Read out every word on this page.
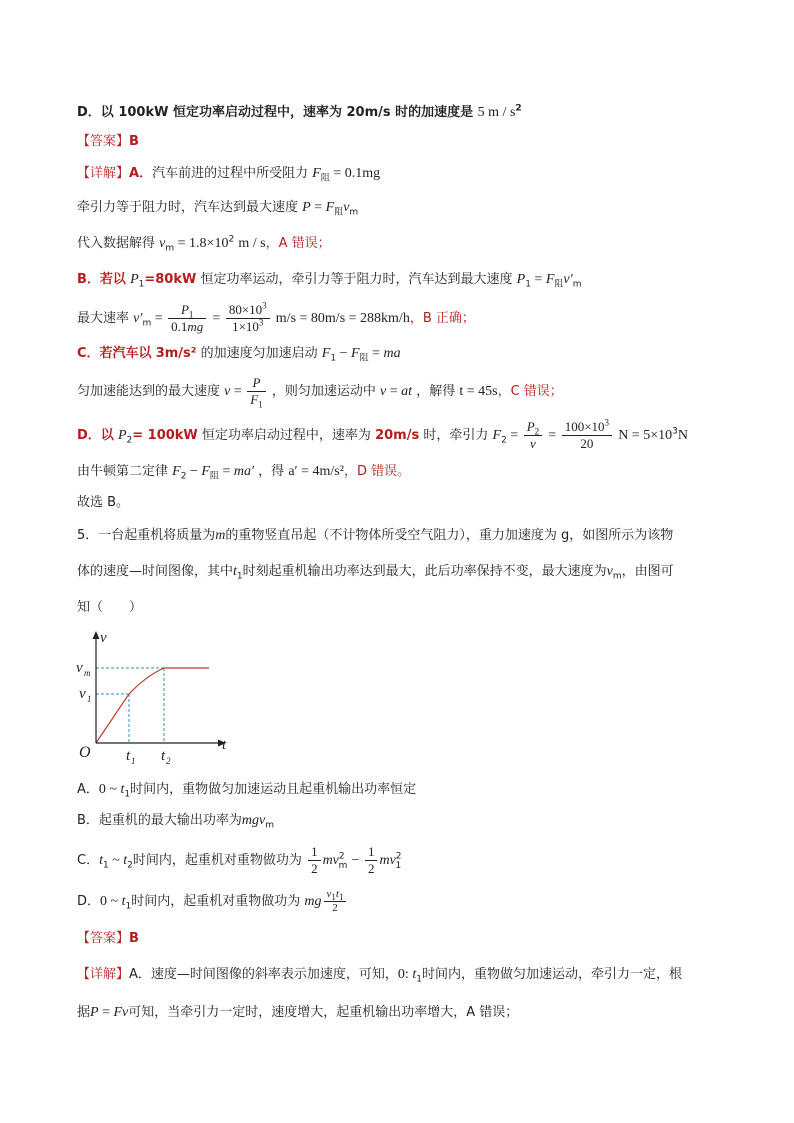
D．以 100kW 恒定功率启动过程中，速率为 20m/s 时的加速度是 5 m / $s^2$
【答案】B
【详解】A．汽车前进的过程中所受阻力 $F_阻 = 0.1mg$
牵引力等于阻力时，汽车达到最大速度 $P = F_阻v_m$
代入数据解得 $v_m = 1.8\times 10^2$ m / s，A 错误；
B．若以 $P_1=80kW$ 恒定功率运动，牵引力等于阻力时，汽车达到最大速度 $P_1 = F_阻v'_m$
最大速率 $v'_m = \frac{P_1}{0.1mg} = \frac{80\times 10^3}{1\times 10^3} m/s = 80m/s = 288km/h$，B 正确；
C．若汽车以 3m/s² 的加速度匀加速启动 $F_1 - F_阻$ = ma
匀加速能达到的最大速度 $v = \frac{P}{F_1}$ ，则匀加速运动中 v = at ，解得 t = 45s，C 错误；
D．以 $P_2= 100kW$ 恒定功率启动过程中，速率为 20m/s 时，牵引力 $F_2 = \frac{P_2}{v} = \frac{100\times 10^3}{20}$ $N = 5\times 10^3N$
由牛顿第二定律 $F_2 - F_阻 = ma'$ ，得 a′ = 4m/s²，D 错误。
故选 B。
5．一台起重机将质量为m的重物竖直吊起（不计物体所受空气阻力），重力加速度为 g，如图所示为该物
体的速度—时间图像，其中$t_1$时刻起重机输出功率达到最大，此后功率保持不变，最大速度为$v_m$，由图可
知（　　）
v
t
O
v m
v 1
t 1 t 2
A．0 ~ $t_1$时间内，重物做匀加速运动且起重机输出功率恒定
B．起重机的最大输出功率为mgv$_m$
C．$t_1$ ~ $t_2$时间内，起重机对重物做功为 $\frac{1}{2} mv^2_m - \frac{1}{2} mv^2_1$
D．0 ~ $t_1$时间内，起重机对重物做功为 mg $\frac{v_1t_1}{2}$
【答案】B
【详解】A．速度—时间图像的斜率表示加速度，可知，0: $t_1$时间内，重物做匀加速运动，牵引力一定，根
据P = Fv可知，当牵引力一定时，速度增大，起重机输出功率增大，A 错误；
